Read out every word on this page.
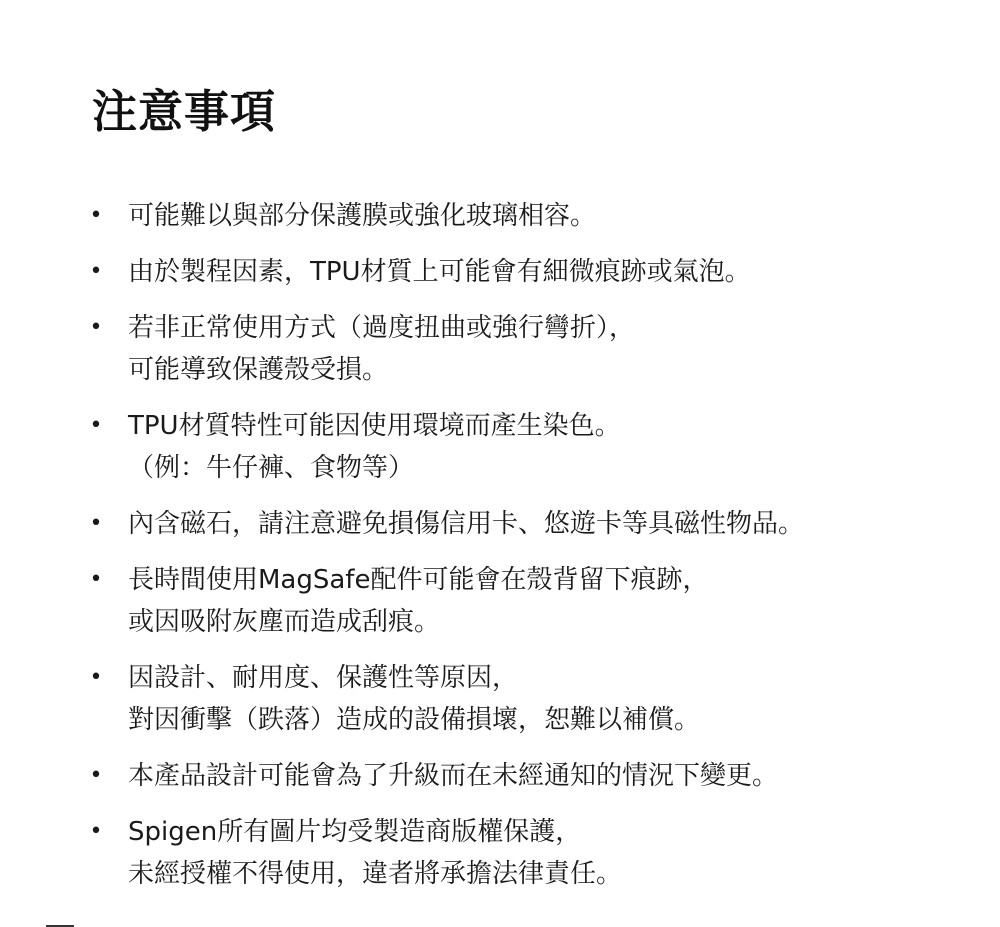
注意事項
• 可能難以與部分保護膜或強化玻璃相容。
• 由於製程因素，TPU材質上可能會有細微痕跡或氣泡。
• 若非正常使用方式（過度扭曲或強行彎折），
可能導致保護殼受損。
• TPU材質特性可能因使用環境而產生染色。
（例：牛仔褲、食物等）
• 內含磁石，請注意避免損傷信用卡、悠遊卡等具磁性物品。
• 長時間使用MagSafe配件可能會在殼背留下痕跡，
或因吸附灰塵而造成刮痕。
• 因設計、耐用度、保護性等原因，
對因衝擊（跌落）造成的設備損壞，恕難以補償。
• 本產品設計可能會為了升級而在未經通知的情況下變更。
• Spigen所有圖片均受製造商版權保護，
未經授權不得使用，違者將承擔法律責任。
